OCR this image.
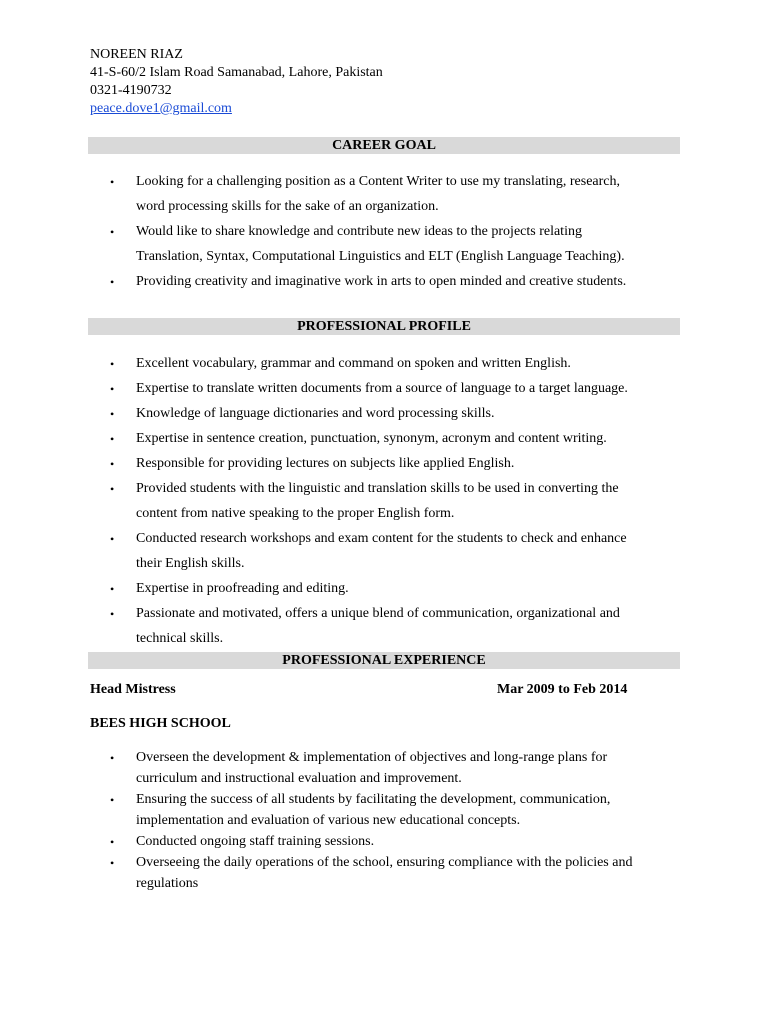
NOREEN RIAZ
41-S-60/2 Islam Road Samanabad, Lahore, Pakistan
0321-4190732
peace.dove1@gmail.com
CAREER GOAL
• Looking for a challenging position as a Content Writer to use my translating, research,
word processing skills for the sake of an organization.
• Would like to share knowledge and contribute new ideas to the projects relating
Translation, Syntax, Computational Linguistics and ELT (English Language Teaching).
• Providing creativity and imaginative work in arts to open minded and creative students.
PROFESSIONAL PROFILE
• Excellent vocabulary, grammar and command on spoken and written English.
• Expertise to translate written documents from a source of language to a target language.
• Knowledge of language dictionaries and word processing skills.
• Expertise in sentence creation, punctuation, synonym, acronym and content writing.
• Responsible for providing lectures on subjects like applied English.
• Provided students with the linguistic and translation skills to be used in converting the
content from native speaking to the proper English form.
• Conducted research workshops and exam content for the students to check and enhance
their English skills.
• Expertise in proofreading and editing.
• Passionate and motivated, offers a unique blend of communication, organizational and
technical skills.
PROFESSIONAL EXPERIENCE
Head Mistress	Mar 2009 to Feb 2014
BEES HIGH SCHOOL
• Overseen the development & implementation of objectives and long-range plans for
curriculum and instructional evaluation and improvement.
• Ensuring the success of all students by facilitating the development, communication,
implementation and evaluation of various new educational concepts.
• Conducted ongoing staff training sessions.
• Overseeing the daily operations of the school, ensuring compliance with the policies and
regulations
